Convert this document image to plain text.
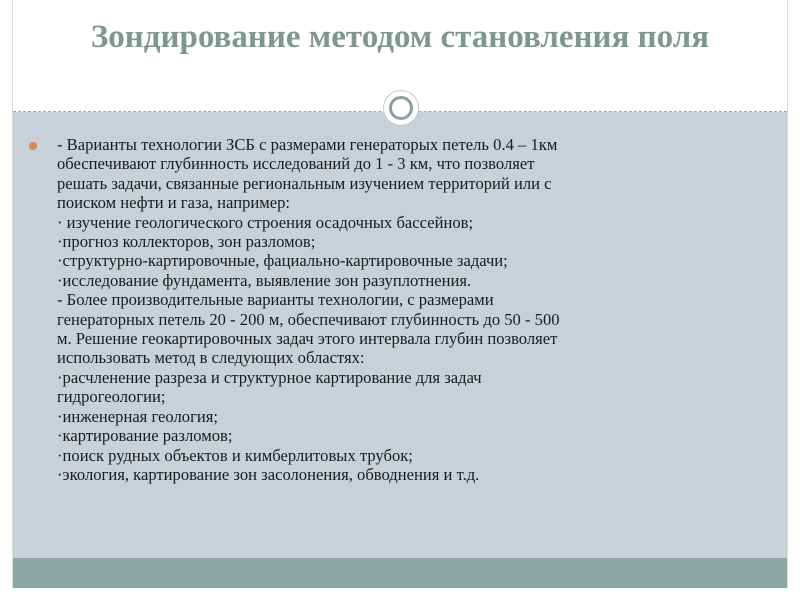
Зондирование методом становления поля

- Варианты технологии ЗСБ с размерами генераторых петель 0.4 – 1км
обеспечивают глубинность исследований до 1 - 3 км, что позволяет
решать задачи, связанные региональным изучением территорий или с
поиском нефти и газа, например:
· изучение геологического строения осадочных бассейнов;
·прогноз коллекторов, зон разломов;
·структурно-картировочные, фациально-картировочные задачи;
·исследование фундамента, выявление зон разуплотнения.
- Более производительные варианты технологии, с размерами
генераторных петель 20 - 200 м, обеспечивают глубинность до 50 - 500
м. Решение геокартировочных задач этого интервала глубин позволяет
использовать метод в следующих областях:
·расчленение разреза и структурное картирование для задач
гидрогеологии;
·инженерная геология;
·картирование разломов;
·поиск рудных объектов и кимберлитовых трубок;
·экология, картирование зон засолонения, обводнения и т.д.
